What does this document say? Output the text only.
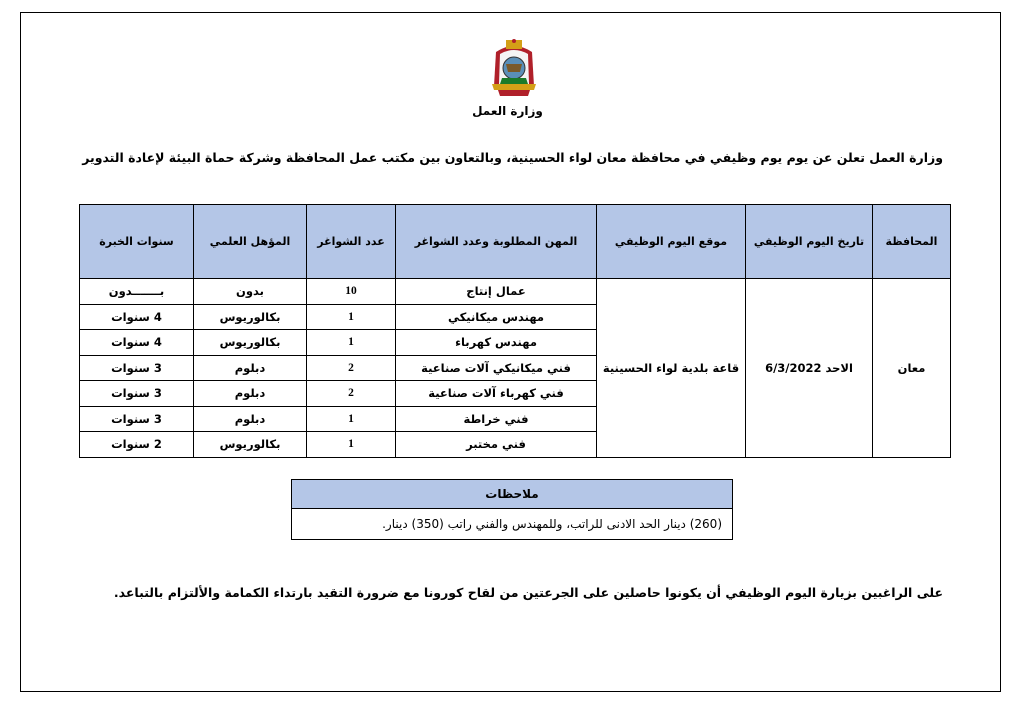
وزارة العمل
وزارة العمل تعلن عن يوم يوم وظيفي في محافظة معان لواء الحسينية، وبالتعاون بين مكتب عمل المحافظة وشركة حماة البيئة لإعادة التدوير
المحافظة	تاريخ اليوم الوظيفي	موقع اليوم الوظيفي	المهن المطلوبة وعدد الشواغر	عدد الشواغر	المؤهل العلمي	سنوات الخبرة
معان	الاحد 6/3/2022	قاعة بلدية لواء الحسينية	عمال إنتاج	10	بدون	بـــــــدون
			مهندس ميكانيكي	1	بكالوريوس	4 سنوات
			مهندس كهرباء	1	بكالوريوس	4 سنوات
			فني ميكانيكي آلات صناعية	2	دبلوم	3 سنوات
			فني كهرباء آلات صناعية	2	دبلوم	3 سنوات
			فني خراطة	1	دبلوم	3 سنوات
			فني مختبر	1	بكالوريوس	2 سنوات
ملاحظات
(260) دينار الحد الادنى للراتب، وللمهندس والفني راتب (350) دينار.
على الراغبين بزيارة اليوم الوظيفي أن يكونوا حاصلين على الجرعتين من لقاح كورونا مع ضرورة التقيد بارتداء الكمامة والألتزام بالتباعد.
